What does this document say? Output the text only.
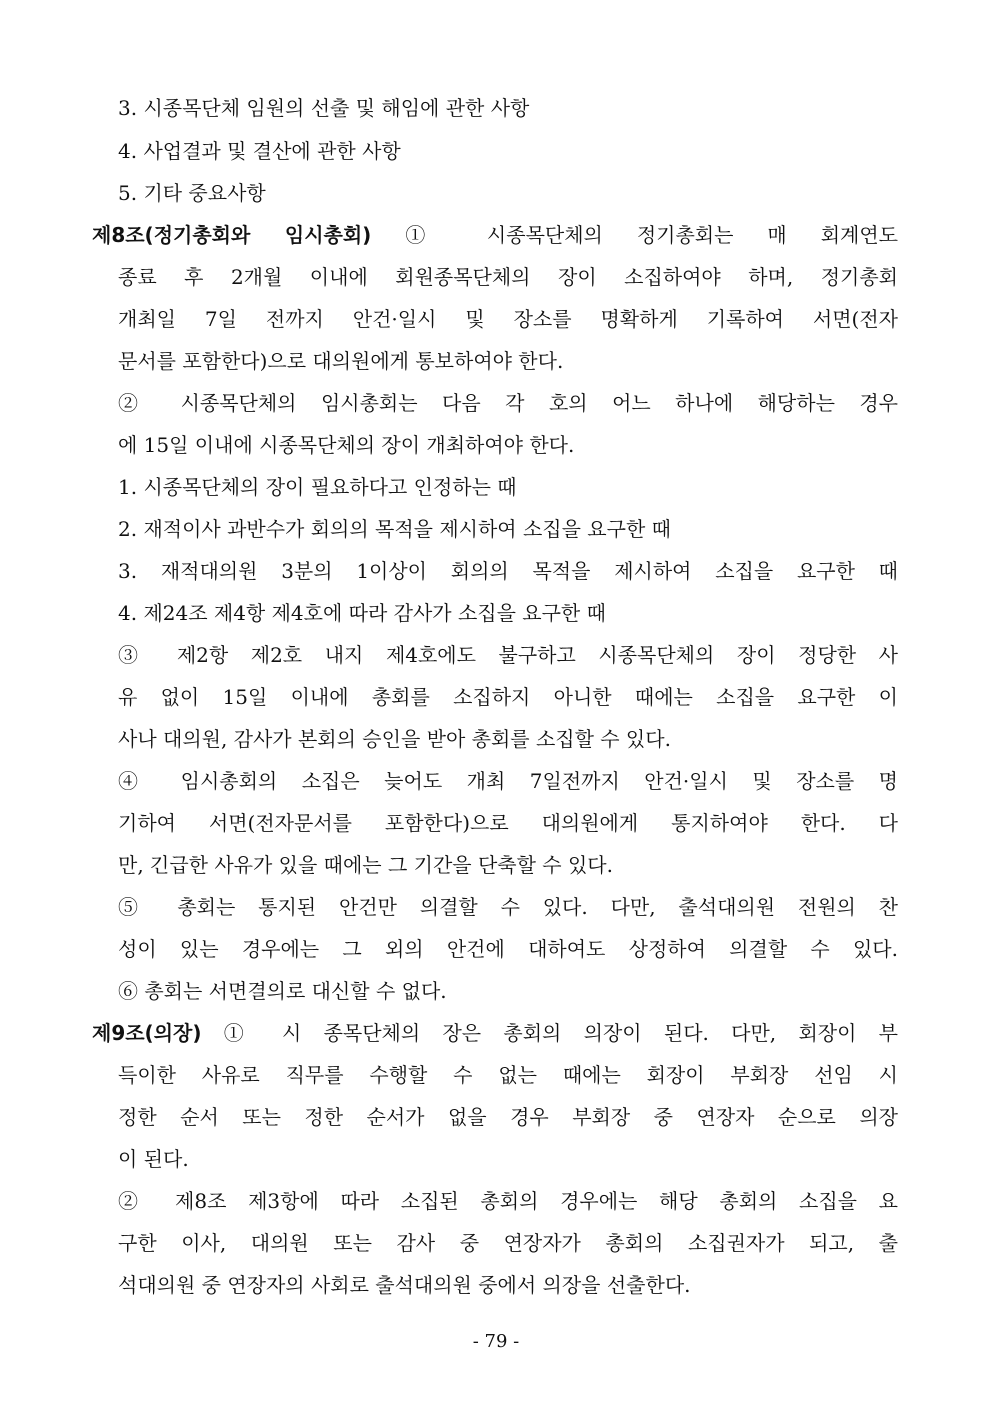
3. 시종목단체 임원의 선출 및 해임에 관한 사항
4. 사업결과 및 결산에 관한 사항
5. 기타 중요사항
제8조(정기총회와 임시총회) ① 시종목단체의 정기총회는 매 회계연도
종료 후 2개월 이내에 회원종목단체의 장이 소집하여야 하며, 정기총회
개최일 7일 전까지 안건·일시 및 장소를 명확하게 기록하여 서면(전자
문서를 포함한다)으로 대의원에게 통보하여야 한다.
② 시종목단체의 임시총회는 다음 각 호의 어느 하나에 해당하는 경우
에 15일 이내에 시종목단체의 장이 개최하여야 한다.
1. 시종목단체의 장이 필요하다고 인정하는 때
2. 재적이사 과반수가 회의의 목적을 제시하여 소집을 요구한 때
3. 재적대의원 3분의 1이상이 회의의 목적을 제시하여 소집을 요구한 때
4. 제24조 제4항 제4호에 따라 감사가 소집을 요구한 때
③ 제2항 제2호 내지 제4호에도 불구하고 시종목단체의 장이 정당한 사
유 없이 15일 이내에 총회를 소집하지 아니한 때에는 소집을 요구한 이
사나 대의원, 감사가 본회의 승인을 받아 총회를 소집할 수 있다.
④ 임시총회의 소집은 늦어도 개최 7일전까지 안건·일시 및 장소를 명
기하여 서면(전자문서를 포함한다)으로 대의원에게 통지하여야 한다. 다
만, 긴급한 사유가 있을 때에는 그 기간을 단축할 수 있다.
⑤ 총회는 통지된 안건만 의결할 수 있다. 다만, 출석대의원 전원의 찬
성이 있는 경우에는 그 외의 안건에 대하여도 상정하여 의결할 수 있다.
⑥ 총회는 서면결의로 대신할 수 없다.
제9조(의장) ① 시 종목단체의 장은 총회의 의장이 된다. 다만, 회장이 부
득이한 사유로 직무를 수행할 수 없는 때에는 회장이 부회장 선임 시
정한 순서 또는 정한 순서가 없을 경우 부회장 중 연장자 순으로 의장
이 된다.
② 제8조 제3항에 따라 소집된 총회의 경우에는 해당 총회의 소집을 요
구한 이사, 대의원 또는 감사 중 연장자가 총회의 소집권자가 되고, 출
석대의원 중 연장자의 사회로 출석대의원 중에서 의장을 선출한다.
- 79 -
